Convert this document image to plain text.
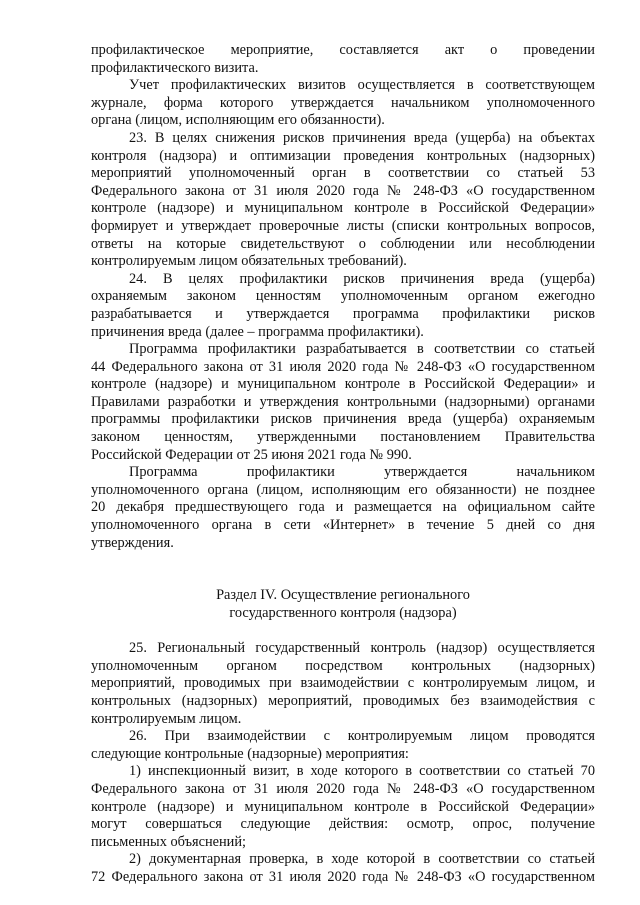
профилактическое мероприятие, составляется акт о проведении
профилактического визита.
Учет профилактических визитов осуществляется в соответствующем
журнале, форма которого утверждается начальником уполномоченного
органа (лицом, исполняющим его обязанности).
23. В целях снижения рисков причинения вреда (ущерба) на объектах
контроля (надзора) и оптимизации проведения контрольных (надзорных)
мероприятий уполномоченный орган в соответствии со статьей 53
Федерального закона от 31 июля 2020 года № 248-ФЗ «О государственном
контроле (надзоре) и муниципальном контроле в Российской Федерации»
формирует и утверждает проверочные листы (списки контрольных вопросов,
ответы на которые свидетельствуют о соблюдении или несоблюдении
контролируемым лицом обязательных требований).
24. В целях профилактики рисков причинения вреда (ущерба)
охраняемым законом ценностям уполномоченным органом ежегодно
разрабатывается и утверждается программа профилактики рисков
причинения вреда (далее – программа профилактики).
Программа профилактики разрабатывается в соответствии со статьей
44 Федерального закона от 31 июля 2020 года № 248-ФЗ «О государственном
контроле (надзоре) и муниципальном контроле в Российской Федерации» и
Правилами разработки и утверждения контрольными (надзорными) органами
программы профилактики рисков причинения вреда (ущерба) охраняемым
законом ценностям, утвержденными постановлением Правительства
Российской Федерации от 25 июня 2021 года № 990.
Программа профилактики утверждается начальником
уполномоченного органа (лицом, исполняющим его обязанности) не позднее
20 декабря предшествующего года и размещается на официальном сайте
уполномоченного органа в сети «Интернет» в течение 5 дней со дня
утверждения.
Раздел IV. Осуществление регионального
государственного контроля (надзора)
25. Региональный государственный контроль (надзор) осуществляется
уполномоченным органом посредством контрольных (надзорных)
мероприятий, проводимых при взаимодействии с контролируемым лицом, и
контрольных (надзорных) мероприятий, проводимых без взаимодействия с
контролируемым лицом.
26. При взаимодействии с контролируемым лицом проводятся
следующие контрольные (надзорные) мероприятия:
1) инспекционный визит, в ходе которого в соответствии со статьей 70
Федерального закона от 31 июля 2020 года № 248-ФЗ «О государственном
контроле (надзоре) и муниципальном контроле в Российской Федерации»
могут совершаться следующие действия: осмотр, опрос, получение
письменных объяснений;
2) документарная проверка, в ходе которой в соответствии со статьей
72 Федерального закона от 31 июля 2020 года № 248-ФЗ «О государственном
